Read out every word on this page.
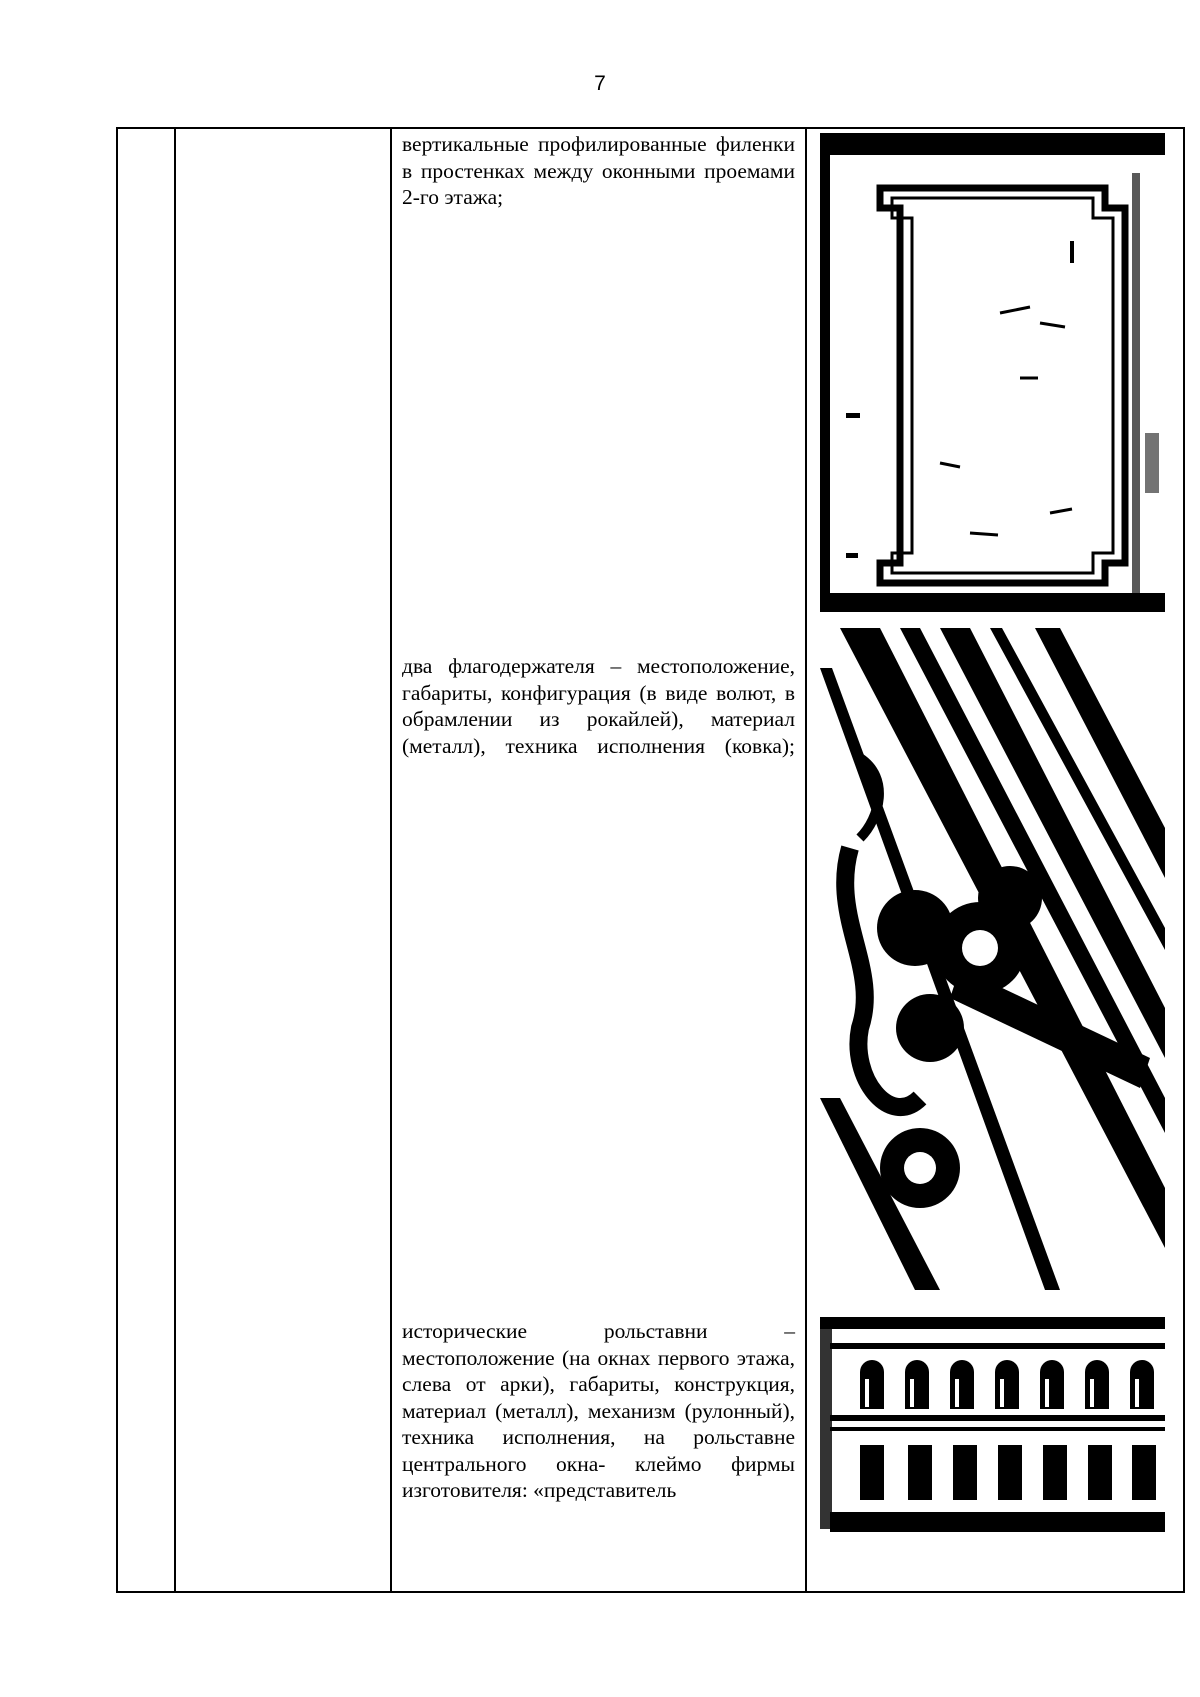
7
вертикальные профилированные филенки в простенках между оконными проемами 2-го этажа;
два флагодержателя – местоположение, габариты, конфигурация (в виде волют, в обрамлении из рокайлей), материал (металл), техника исполнения (ковка);
исторические рольставни – местоположение (на окнах первого этажа, слева от арки), габариты, конструкция, материал (металл), механизм (рулонный), техника исполнения, на рольставне центрального окна- клеймо фирмы изготовителя: «представитель
